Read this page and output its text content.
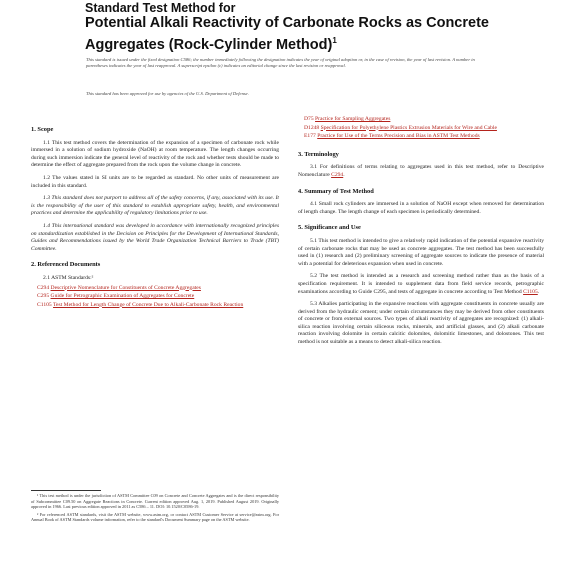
Standard Test Method for
Potential Alkali Reactivity of Carbonate Rocks as Concrete Aggregates (Rock-Cylinder Method)$^1$
This standard is issued under the fixed designation C586; the number immediately following the designation indicates the year of original adoption or, in the case of revision, the year of last revision. A number in parentheses indicates the year of last reapproval. A superscript epsilon (ε) indicates an editorial change since the last revision or reapproval.
This standard has been approved for use by agencies of the U.S. Department of Defense.
1. Scope

1.1 This test method covers the determination of the expansion of a specimen of carbonate rock while immersed in a solution of sodium hydroxide (NaOH) at room temperature. The length changes occurring during such immersion indicate the general level of reactivity of the rock and whether tests should be made to determine the effect of aggregate prepared from the rock upon the volume change in concrete.

1.2 The values stated in SI units are to be regarded as standard. No other units of measurement are included in this standard.

1.3 This standard does not purport to address all of the safety concerns, if any, associated with its use. It is the responsibility of the user of this standard to establish appropriate safety, health, and environmental practices and determine the applicability of regulatory limitations prior to use.

1.4 This international standard was developed in accordance with internationally recognized principles on standardization established in the Decision on Principles for the Development of International Standards, Guides and Recommendations issued by the World Trade Organization Technical Barriers to Trade (TBT) Committee.

2. Referenced Documents

2.1 ASTM Standards:²

C294 Descriptive Nomenclature for Constituents of Concrete Aggregates
C295 Guide for Petrographic Examination of Aggregates for Concrete
C1105 Test Method for Length Change of Concrete Due to Alkali-Carbonate Rock Reaction

¹ This test method is under the jurisdiction of ASTM Committee C09 on Concrete and Concrete Aggregates and is the direct responsibility of Subcommittee C09.50 on Aggregate Reactions in Concrete. Current edition approved Aug. 1, 2019. Published August 2019. Originally approved in 1966. Last previous edition approved in 2011 as C586 – 11. DOI: 10.1520/C0586-19.

² For referenced ASTM standards, visit the ASTM website, www.astm.org, or contact ASTM Customer Service at service@astm.org. For Annual Book of ASTM Standards volume information, refer to the standard's Document Summary page on the ASTM website.

D75 Practice for Sampling Aggregates
D1248 Specification for Polyethylene Plastics Extrusion Materials for Wire and Cable
E177 Practice for Use of the Terms Precision and Bias in ASTM Test Methods
3. Terminology

3.1 For definitions of terms relating to aggregates used in this test method, refer to Descriptive Nomenclature C294.

4. Summary of Test Method

4.1 Small rock cylinders are immersed in a solution of NaOH except when removed for determination of length change. The length change of each specimen is periodically determined.

5. Significance and Use

5.1 This test method is intended to give a relatively rapid indication of the potential expansive reactivity of certain carbonate rocks that may be used as concrete aggregates. The test method has been successfully used in (1) research and (2) preliminary screening of aggregate sources to indicate the presence of material with a potential for deleterious expansion when used in concrete.

5.2 The test method is intended as a research and screening method rather than as the basis of a specification requirement. It is intended to supplement data from field service records, petrographic examinations according to Guide C295, and tests of aggregate in concrete according to Test Method C1105.

5.3 Alkalies participating in the expansive reactions with aggregate constituents in concrete usually are derived from the hydraulic cement; under certain circumstances they may be derived from other constituents of concrete or from external sources. Two types of alkali reactivity of aggregates are recognized: (1) alkali-silica reaction involving certain siliceous rocks, minerals, and artificial glasses, and (2) alkali carbonate reaction involving dolomite in certain calcitic dolomites, dolomitic limestones, and dolostones. This test method is not suitable as a means to detect alkali-silica reaction.
